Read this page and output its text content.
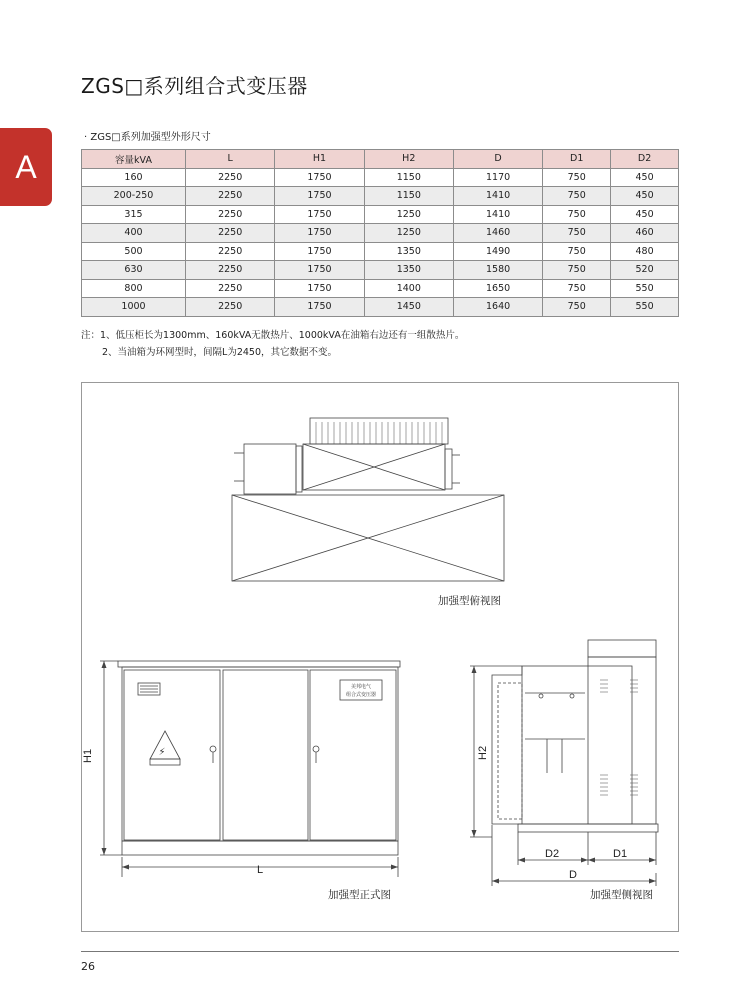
ZGS□系列组合式变压器
A
· ZGS□系列加强型外形尺寸
容量kVA	L	H1	H2	D	D1	D2
160	2250	1750	1150	1170	750	450
200-250	2250	1750	1150	1410	750	450
315	2250	1750	1250	1410	750	450
400	2250	1750	1250	1460	750	460
500	2250	1750	1350	1490	750	480
630	2250	1750	1350	1580	750	520
800	2250	1750	1400	1650	750	550
1000	2250	1750	1450	1640	750	550
注：1、低压柜长为1300mm、160kVA无散热片、1000kVA在油箱右边还有一组散热片。
2、当油箱为环网型时，间隔L为2450，其它数据不变。
H1
L
H2
D2	D1
D
⚡
美邦电气
组合式变压器
加强型俯视图
加强型正式图	加强型侧视图
26
